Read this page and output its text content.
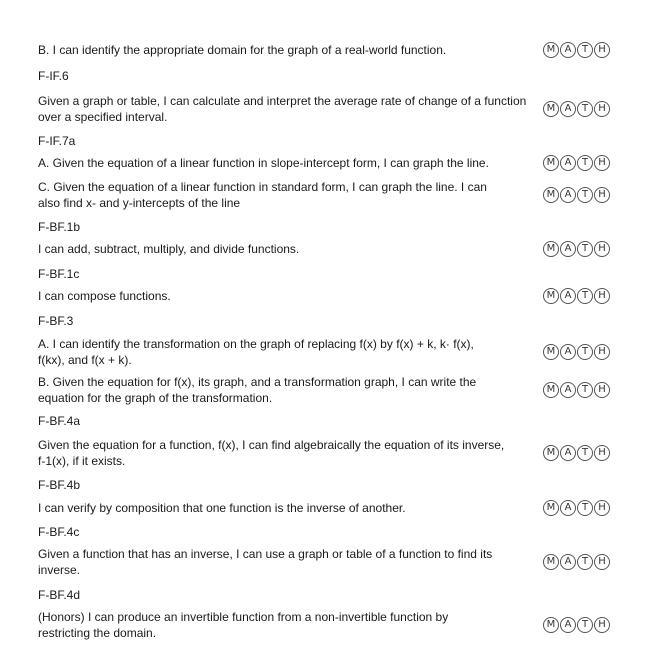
B. I can identify the appropriate domain for the graph of a real-world function.	M A	T	H
F-IF.6
Given a graph or table, I can calculate and interpret the average rate of change of a function
over a specified interval.
M A	T	H
F-IF.7a
A. Given the equation of a linear function in slope-intercept form, I can graph the line.	M A	T	H
C. Given the equation of a linear function in standard form, I can graph the line. I can
also find x- and y-intercepts of the line
M A	T	H
F-BF.1b
I can add, subtract, multiply, and divide functions.	M A	T	H
F-BF.1c
I can compose functions.	M A	T	H
F-BF.3
A. I can identify the transformation on the graph of replacing f(x) by f(x) + k, k· f(x),
f(kx), and f(x + k).
M A	T	H
B. Given the equation for f(x), its graph, and a transformation graph, I can write the
equation for the graph of the transformation.
M A	T	H
F-BF.4a
Given the equation for a function, f(x), I can find algebraically the equation of its inverse,
f-1(x), if it exists.
M A	T	H
F-BF.4b
I can verify by composition that one function is the inverse of another.	M A	T	H
F-BF.4c
Given a function that has an inverse, I can use a graph or table of a function to find its
inverse.
M A	T	H
F-BF.4d
(Honors) I can produce an invertible function from a non-invertible function by
restricting the domain.
M A	T	H
